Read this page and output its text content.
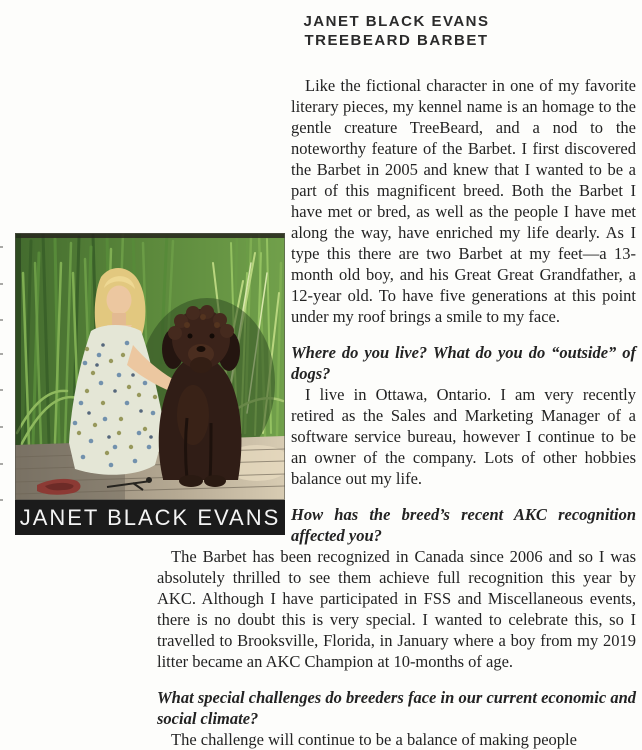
JANET BLACK EVANS
TREEBEARD BARBET
JANET BLACK EVANS

Like the fictional character in one of my favorite literary pieces, my kennel name is an homage to the gentle creature TreeBeard, and a nod to the noteworthy feature of the Barbet. I first discovered the Barbet in 2005 and knew that I wanted to be a part of this magnificent breed. Both the Barbet I have met or bred, as well as the people I have met along the way, have enriched my life dearly. As I type this there are two Barbet at my feet—a 13-month old boy, and his Great Great Grandfather, a 12-year old. To have five generations at this point under my roof brings a smile to my face.

Where do you live? What do you do “outside” of dogs?

I live in Ottawa, Ontario. I am very recently retired as the Sales and Marketing Manager of a software service bureau, however I continue to be an owner of the company. Lots of other hobbies balance out my life.

How has the breed’s recent AKC recognition affected you?

The Barbet has been recognized in Canada since 2006 and so I was absolutely thrilled to see them achieve full recognition this year by AKC. Although I have participated in FSS and Miscellaneous events, there is no doubt this is very special. I wanted to celebrate this, so I travelled to Brooksville, Florida, in January where a boy from my 2019 litter became an AKC Champion at 10-months of age.

What special challenges do breeders face in our current economic and social climate?

The challenge will continue to be a balance of making people
